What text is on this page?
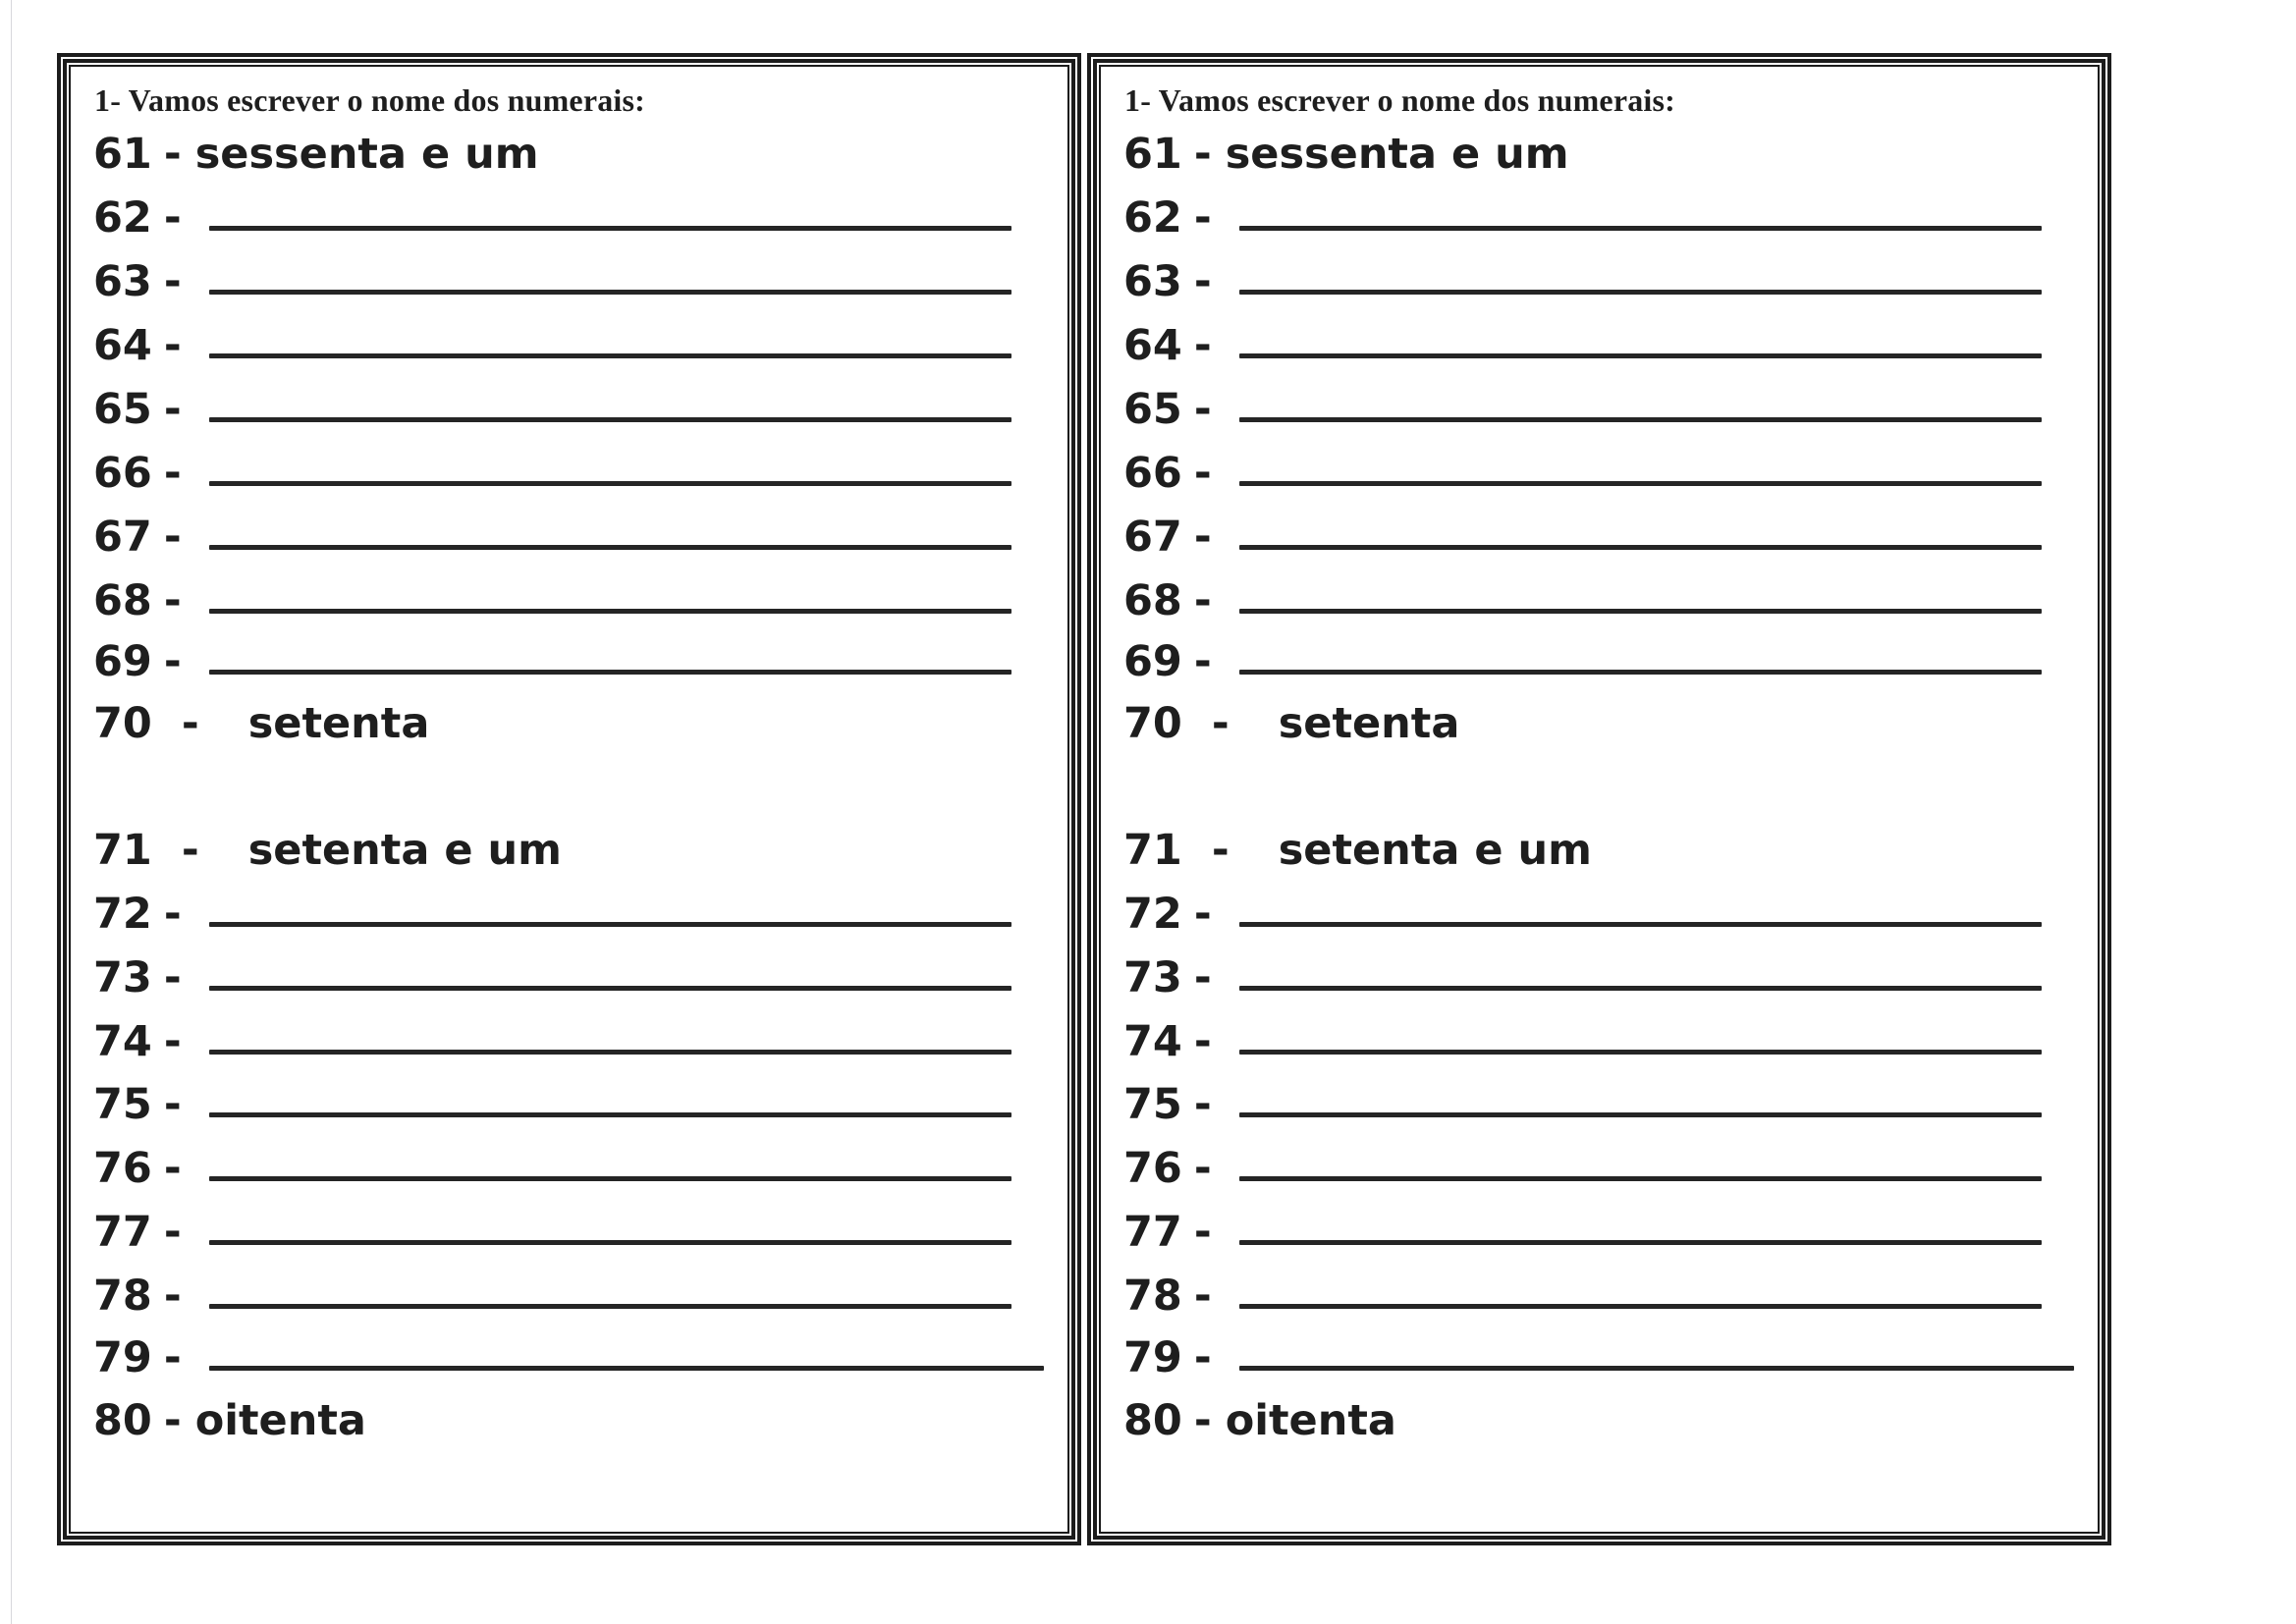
1- Vamos escrever o nome dos numerais:
61 - sessenta e um
62 -
63 -
64 -
65 -
66 -
67 -
68 -
69 -
70 - setenta
71 - setenta e um
72 -
73 -
74 -
75 -
76 -
77 -
78 -
79 -
80 - oitenta
1- Vamos escrever o nome dos numerais:
61 - sessenta e um
62 -
63 -
64 -
65 -
66 -
67 -
68 -
69 -
70 - setenta
71 - setenta e um
72 -
73 -
74 -
75 -
76 -
77 -
78 -
79 -
80 - oitenta
